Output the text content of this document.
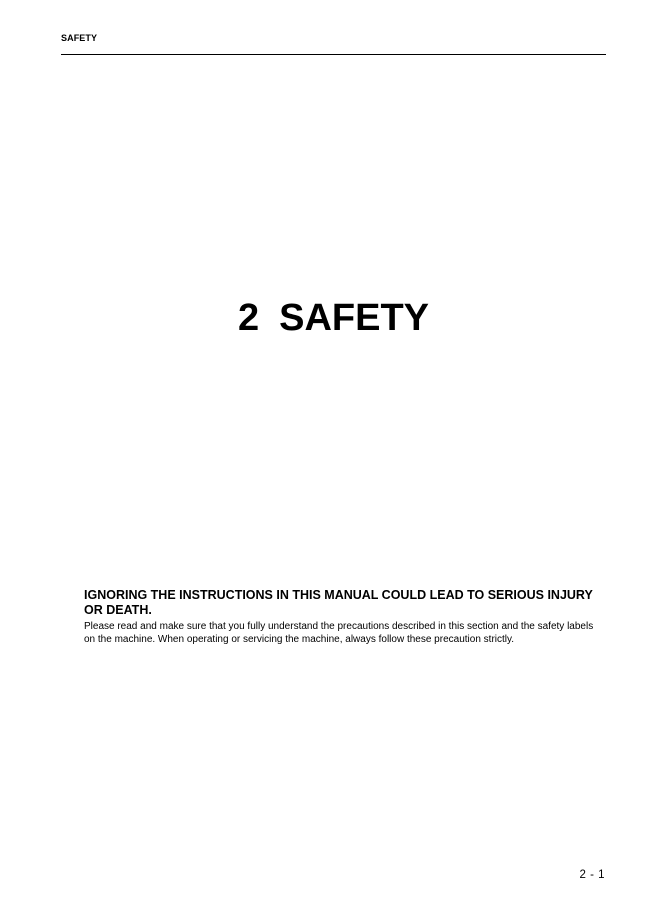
SAFETY
2 SAFETY

IGNORING THE INSTRUCTIONS IN THIS MANUAL COULD LEAD TO SERIOUS INJURY OR DEATH.

Please read and make sure that you fully understand the precautions described in this section and the safety labels on the machine. When operating or servicing the machine, always follow these precaution strictly.

2 - 1
